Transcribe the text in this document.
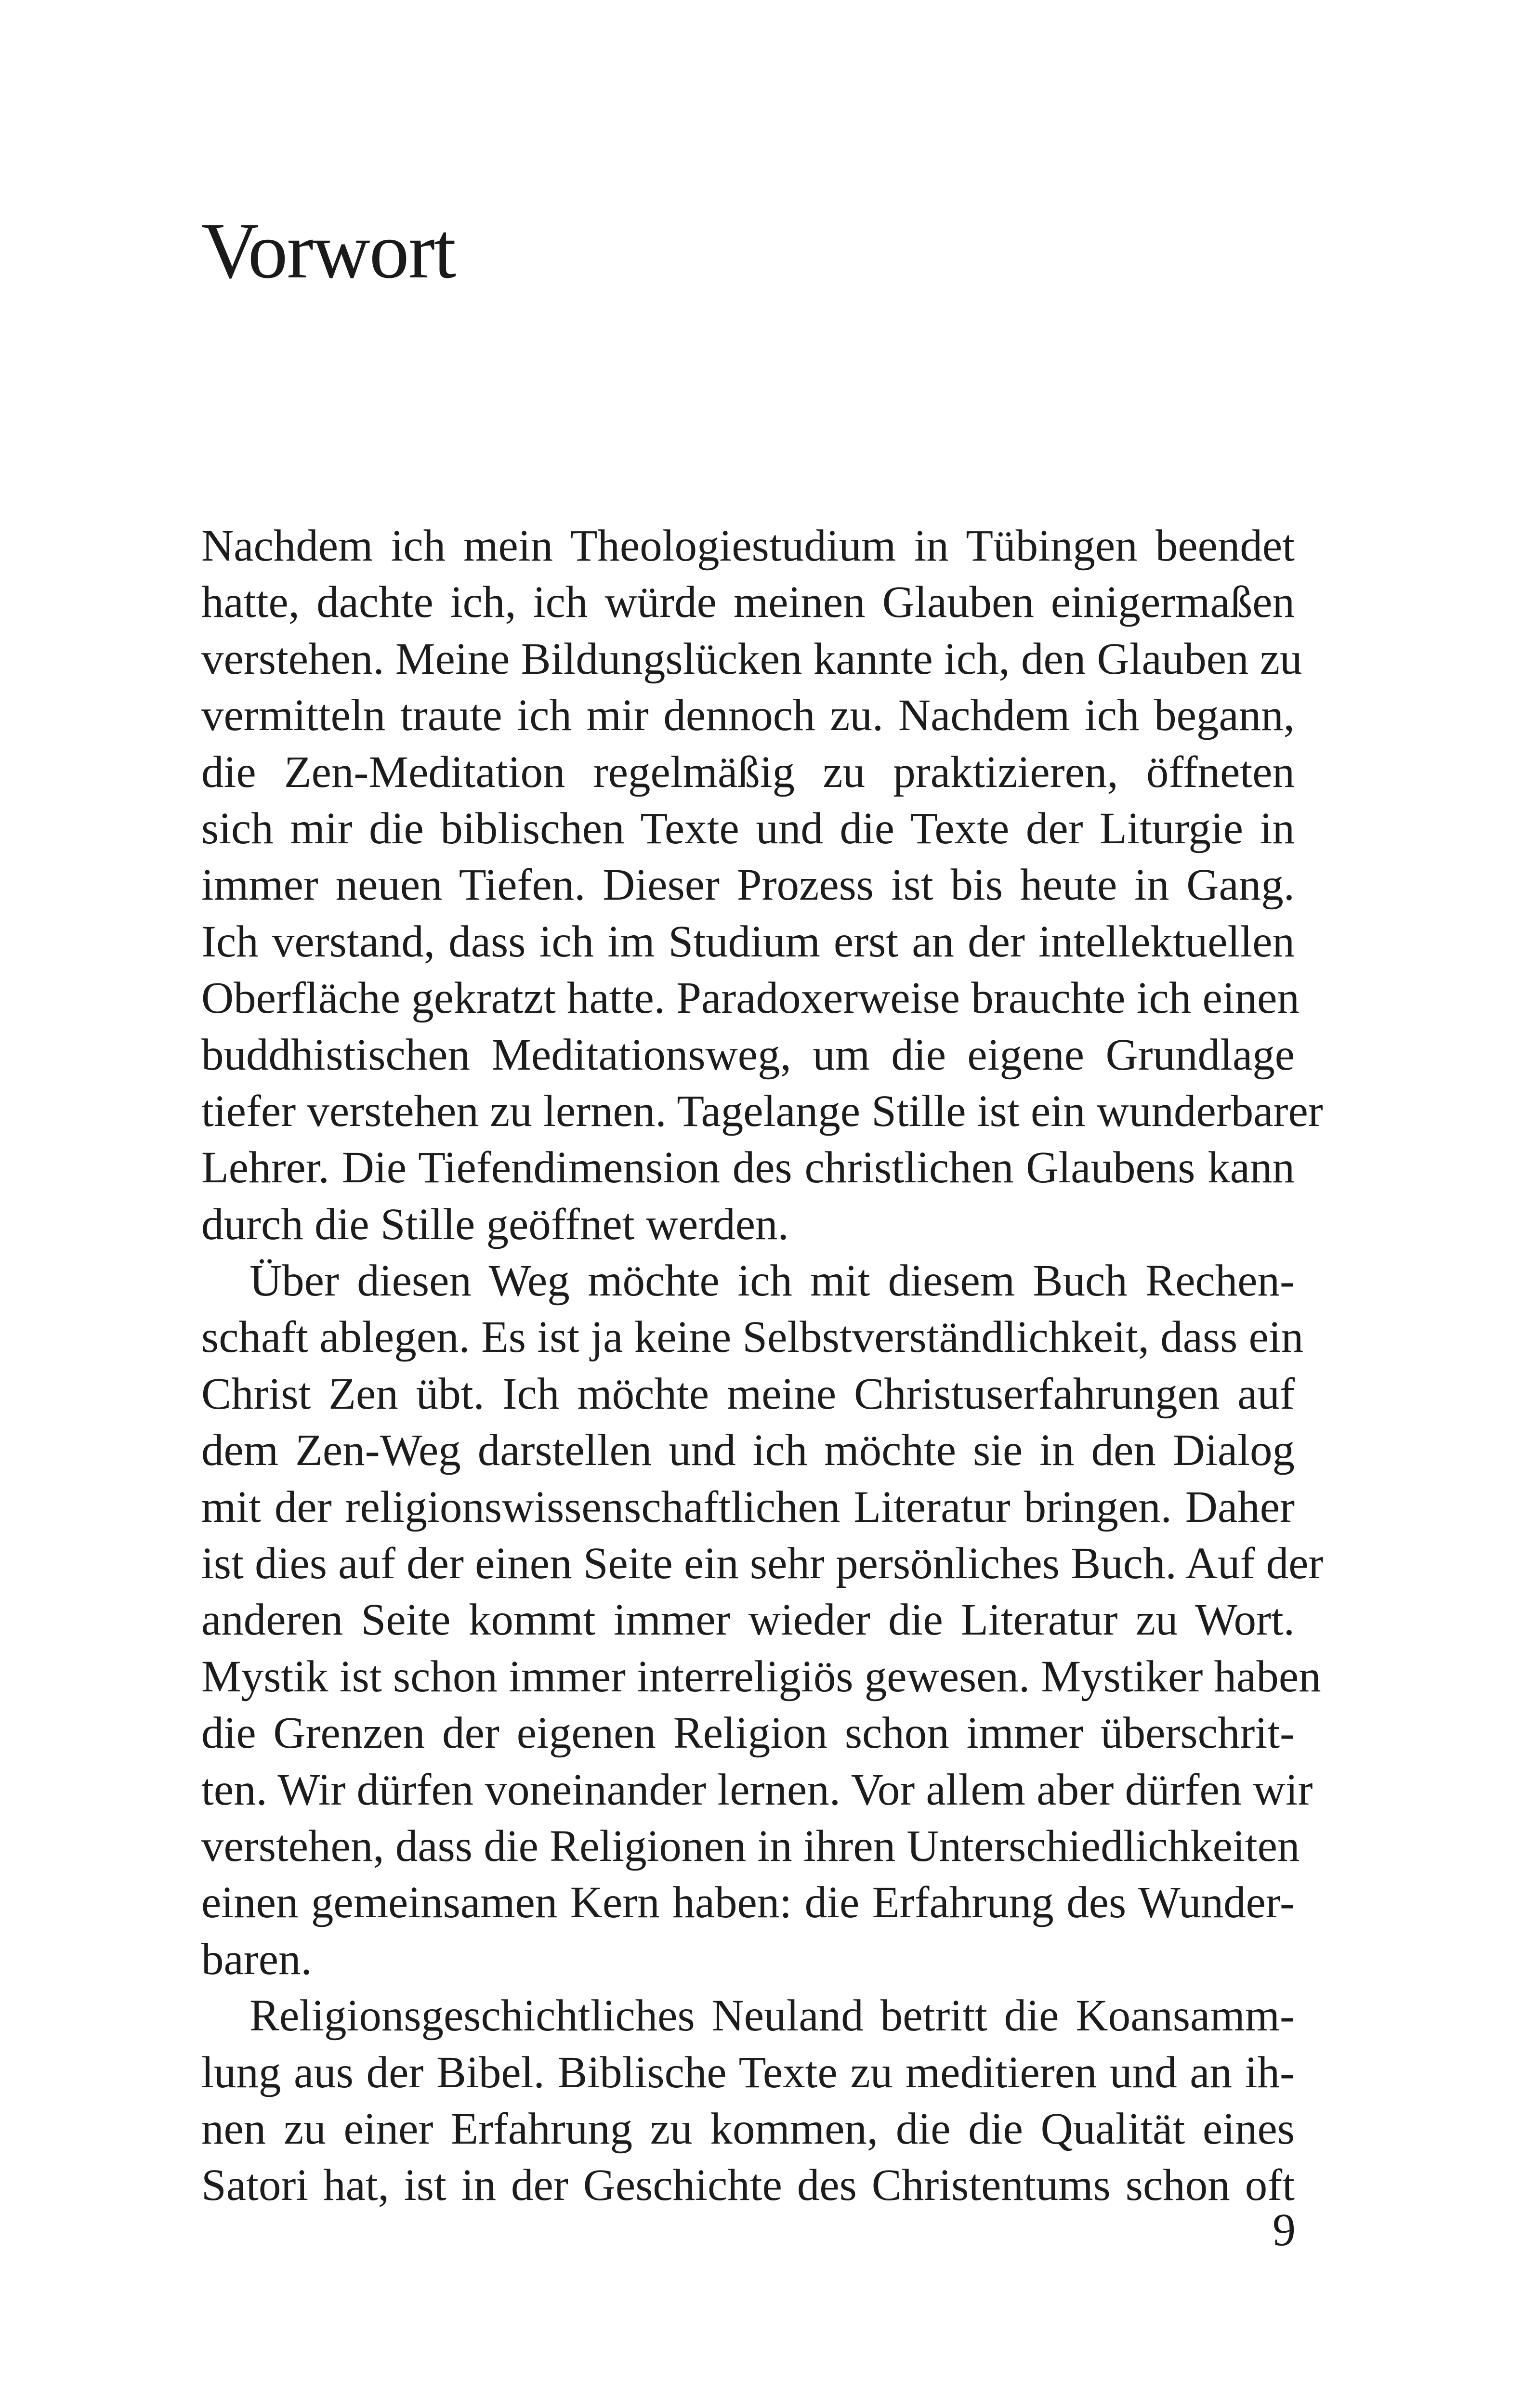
Vorwort
Nachdem ich mein Theologiestudium in Tübingen beendet
hatte, dachte ich, ich würde meinen Glauben einigermaßen
verstehen. Meine Bildungslücken kannte ich, den Glauben zu
vermitteln traute ich mir dennoch zu. Nachdem ich begann,
die Zen-Meditation regelmäßig zu praktizieren, öffneten
sich mir die biblischen Texte und die Texte der Liturgie in
immer neuen Tiefen. Dieser Prozess ist bis heute in Gang.
Ich verstand, dass ich im Studium erst an der intellektuellen
Oberfläche gekratzt hatte. Paradoxerweise brauchte ich einen
buddhistischen Meditationsweg, um die eigene Grundlage
tiefer verstehen zu lernen. Tagelange Stille ist ein wunderbarer
Lehrer. Die Tiefendimension des christlichen Glaubens kann
durch die Stille geöffnet werden.
Über diesen Weg möchte ich mit diesem Buch Rechen-
schaft ablegen. Es ist ja keine Selbstverständlichkeit, dass ein
Christ Zen übt. Ich möchte meine Christuserfahrungen auf
dem Zen-Weg darstellen und ich möchte sie in den Dialog
mit der religionswissenschaftlichen Literatur bringen. Daher
ist dies auf der einen Seite ein sehr persönliches Buch. Auf der
anderen Seite kommt immer wieder die Literatur zu Wort.
Mystik ist schon immer interreligiös gewesen. Mystiker haben
die Grenzen der eigenen Religion schon immer überschrit-
ten. Wir dürfen voneinander lernen. Vor allem aber dürfen wir
verstehen, dass die Religionen in ihren Unterschiedlichkeiten
einen gemeinsamen Kern haben: die Erfahrung des Wunder-
baren.
Religionsgeschichtliches Neuland betritt die Koansamm-
lung aus der Bibel. Biblische Texte zu meditieren und an ih-
nen zu einer Erfahrung zu kommen, die die Qualität eines
Satori hat, ist in der Geschichte des Christentums schon oft
9
